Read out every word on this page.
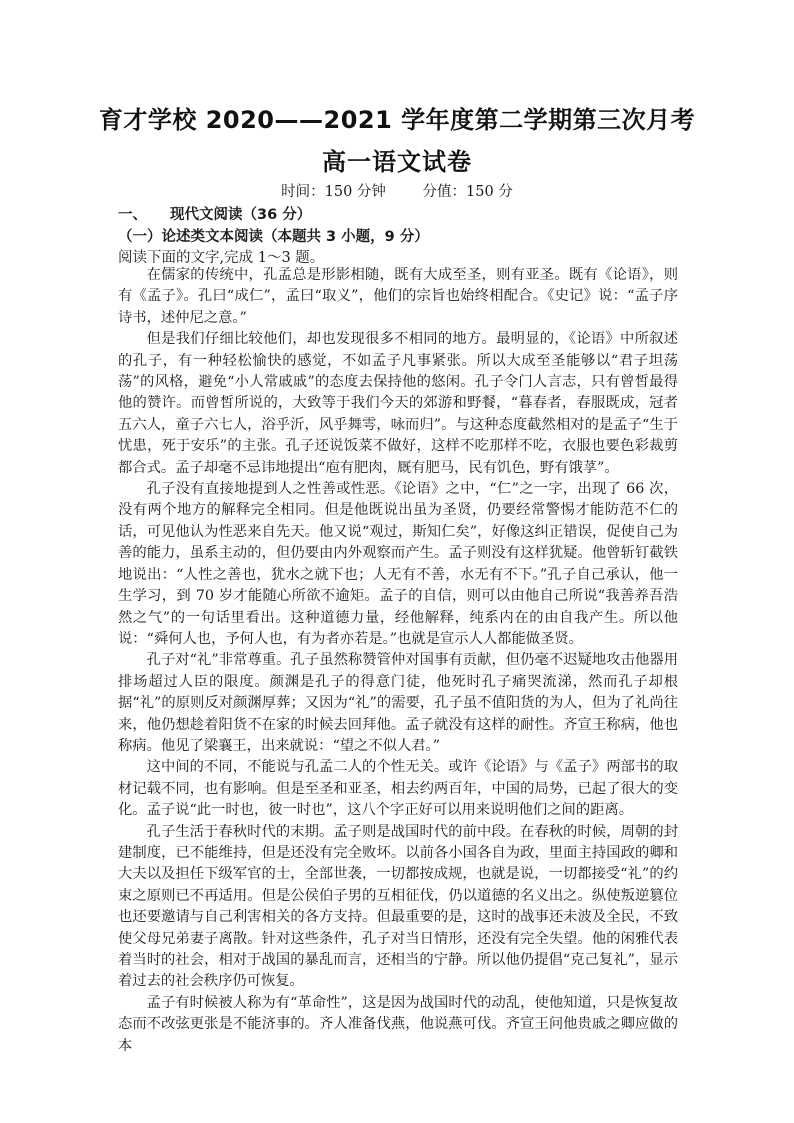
育才学校 2020——2021 学年度第二学期第三次月考
高一语文试卷
时间：150 分钟	分值：150 分
一、 现代文阅读（36 分）
（一）论述类文本阅读（本题共 3 小题，9 分）

阅读下面的文字,完成 1～3 题。

在儒家的传统中，孔孟总是形影相随，既有大成至圣，则有亚圣。既有《论语》，则有《孟子》。孔曰“成仁”，孟曰“取义”，他们的宗旨也始终相配合。《史记》说：“孟子序诗书，述仲尼之意。”

但是我们仔细比较他们，却也发现很多不相同的地方。最明显的，《论语》中所叙述的孔子，有一种轻松愉快的感觉，不如孟子凡事紧张。所以大成至圣能够以“君子坦荡荡”的风格，避免“小人常戚戚”的态度去保持他的悠闲。孔子令门人言志，只有曾皙最得他的赞许。而曾皙所说的，大致等于我们今天的郊游和野餐，“暮春者，春服既成，冠者五六人，童子六七人，浴乎沂，风乎舞雩，咏而归”。与这种态度截然相对的是孟子“生于忧患，死于安乐”的主张。孔子还说饭菜不做好，这样不吃那样不吃，衣服也要色彩裁剪都合式。孟子却毫不忌讳地提出“庖有肥肉，厩有肥马，民有饥色，野有饿莩”。

孔子没有直接地提到人之性善或性恶。《论语》之中，“仁”之一字，出现了 66 次，没有两个地方的解释完全相同。但是他既说出虽为圣贤，仍要经常警惕才能防范不仁的话，可见他认为性恶来自先天。他又说“观过，斯知仁矣”，好像这纠正错误，促使自己为善的能力，虽系主动的，但仍要由内外观察而产生。孟子则没有这样犹疑。他曾斩钉截铁地说出：“人性之善也，犹水之就下也；人无有不善，水无有不下。”孔子自己承认，他一生学习，到 70 岁才能随心所欲不逾矩。孟子的自信，则可以由他自己所说“我善养吾浩然之气”的一句话里看出。这种道德力量，经他解释，纯系内在的由自我产生。所以他说：“舜何人也，予何人也，有为者亦若是。”也就是宣示人人都能做圣贤。

孔子对“礼”非常尊重。孔子虽然称赞管仲对国事有贡献，但仍毫不迟疑地攻击他器用排场超过人臣的限度。颜渊是孔子的得意门徒，他死时孔子痛哭流涕，然而孔子却根据“礼”的原则反对颜渊厚葬；又因为“礼”的需要，孔子虽不值阳货的为人，但为了礼尚往来，他仍想趁着阳货不在家的时候去回拜他。孟子就没有这样的耐性。齐宣王称病，他也称病。他见了梁襄王，出来就说：“望之不似人君。”

这中间的不同，不能说与孔孟二人的个性无关。或许《论语》与《孟子》两部书的取材记载不同，也有影响。但是至圣和亚圣，相去约两百年，中国的局势，已起了很大的变化。孟子说“此一时也，彼一时也”，这八个字正好可以用来说明他们之间的距离。

孔子生活于春秋时代的末期。孟子则是战国时代的前中段。在春秋的时候，周朝的封建制度，已不能维持，但是还没有完全败坏。以前各小国各自为政，里面主持国政的卿和大夫以及担任下级军官的士，全部世袭，一切都按成规，也就是说，一切都接受“礼”的约束之原则已不再适用。但是公侯伯子男的互相征伐，仍以道德的名义出之。纵使叛逆篡位也还要邀请与自己利害相关的各方支持。但最重要的是，这时的战事还未波及全民，不致使父母兄弟妻子离散。针对这些条件，孔子对当日情形，还没有完全失望。他的闲雅代表着当时的社会，相对于战国的暴乱而言，还相当的宁静。所以他仍提倡“克己复礼”，显示着过去的社会秩序仍可恢复。

孟子有时候被人称为有“革命性”，这是因为战国时代的动乱，使他知道，只是恢复故态而不改弦更张是不能济事的。齐人准备伐燕，他说燕可伐。齐宣王问他贵戚之卿应做的本
